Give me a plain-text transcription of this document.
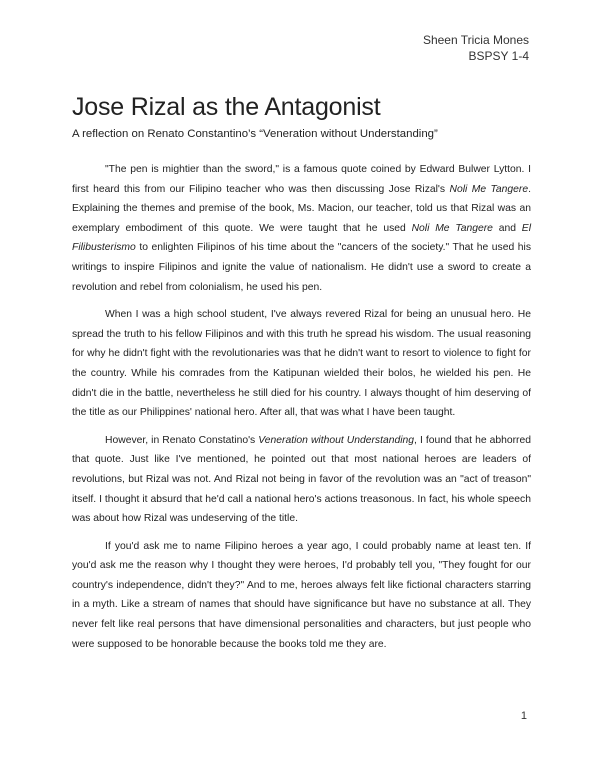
Sheen Tricia Mones
BSPSY 1-4
Jose Rizal as the Antagonist

A reflection on Renato Constantino’s “Veneration without Understanding”

"The pen is mightier than the sword," is a famous quote coined by Edward Bulwer Lytton. I first heard this from our Filipino teacher who was then discussing Jose Rizal's Noli Me Tangere. Explaining the themes and premise of the book, Ms. Macion, our teacher, told us that Rizal was an exemplary embodiment of this quote. We were taught that he used Noli Me Tangere and El Filibusterismo to enlighten Filipinos of his time about the "cancers of the society." That he used his writings to inspire Filipinos and ignite the value of nationalism. He didn't use a sword to create a revolution and rebel from colonialism, he used his pen.

When I was a high school student, I've always revered Rizal for being an unusual hero. He spread the truth to his fellow Filipinos and with this truth he spread his wisdom. The usual reasoning for why he didn't fight with the revolutionaries was that he didn't want to resort to violence to fight for the country. While his comrades from the Katipunan wielded their bolos, he wielded his pen. He didn't die in the battle, nevertheless he still died for his country. I always thought of him deserving of the title as our Philippines' national hero. After all, that was what I have been taught.

However, in Renato Constatino's Veneration without Understanding, I found that he abhorred that quote. Just like I've mentioned, he pointed out that most national heroes are leaders of revolutions, but Rizal was not. And Rizal not being in favor of the revolution was an "act of treason" itself. I thought it absurd that he'd call a national hero's actions treasonous. In fact, his whole speech was about how Rizal was undeserving of the title.

If you'd ask me to name Filipino heroes a year ago, I could probably name at least ten. If you'd ask me the reason why I thought they were heroes, I'd probably tell you, "They fought for our country's independence, didn't they?" And to me, heroes always felt like fictional characters starring in a myth. Like a stream of names that should have significance but have no substance at all. They never felt like real persons that have dimensional personalities and characters, but just people who were supposed to be honorable because the books told me they are.

1
